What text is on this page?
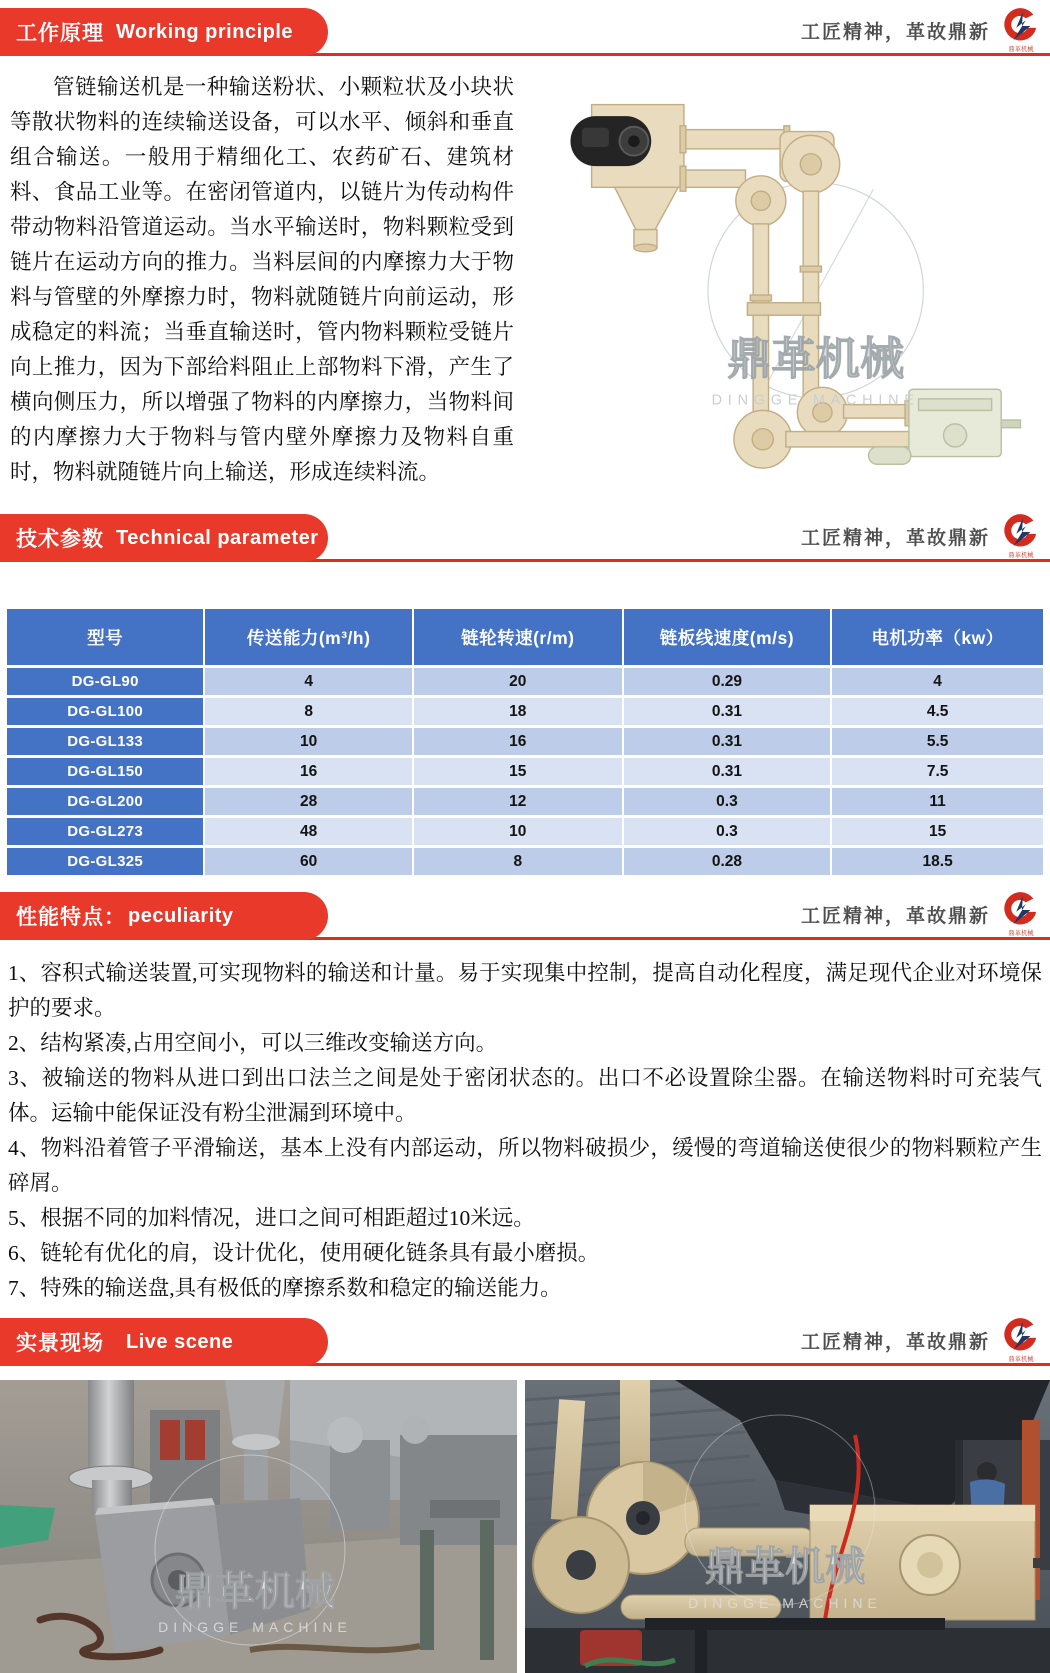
工作原理 Working principle	工匠精神，革故鼎新
鼎革机械

管链输送机是一种输送粉状、小颗粒状及小块状等散状物料的连续输送设备，可以水平、倾斜和垂直组合输送。一般用于精细化工、农药矿石、建筑材料、食品工业等。在密闭管道内，以链片为传动构件带动物料沿管道运动。当水平输送时，物料颗粒受到链片在运动方向的推力。当料层间的内摩擦力大于物料与管壁的外摩擦力时，物料就随链片向前运动，形成稳定的料流；当垂直输送时，管内物料颗粒受链片向上推力，因为下部给料阻止上部物料下滑，产生了横向侧压力，所以增强了物料的内摩擦力，当物料间的内摩擦力大于物料与管内壁外摩擦力及物料自重时，物料就随链片向上输送，形成连续料流。

鼎革机械
DINGGE MACHINE
技术参数 Technical parameter	工匠精神，革故鼎新
鼎革机械
型号	传送能力(m³/h)	链轮转速(r/m)	链板线速度(m/s)	电机功率（kw）
DG-GL90	4	20	0.29	4
DG-GL100	8	18	0.31	4.5
DG-GL133	10	16	0.31	5.5
DG-GL150	16	15	0.31	7.5
DG-GL200	28	12	0.3	11
DG-GL273	48	10	0.3	15
DG-GL325	60	8	0.28	18.5
性能特点： peculiarity	工匠精神，革故鼎新
鼎革机械

1、容积式输送装置,可实现物料的输送和计量。易于实现集中控制，提高自动化程度，满足现代企业对环境保护的要求。

2、结构紧凑,占用空间小，可以三维改变输送方向。

3、被输送的物料从进口到出口法兰之间是处于密闭状态的。出口不必设置除尘器。在输送物料时可充装气体。运输中能保证没有粉尘泄漏到环境中。

4、物料沿着管子平滑输送，基本上没有内部运动，所以物料破损少，缓慢的弯道输送使很少的物料颗粒产生碎屑。

5、根据不同的加料情况，进口之间可相距超过10米远。

6、链轮有优化的肩，设计优化，使用硬化链条具有最小磨损。

7、特殊的输送盘,具有极低的摩擦系数和稳定的输送能力。

实景现场 Live scene	工匠精神，革故鼎新
鼎革机械
鼎革机械
DINGGE MACHINE
鼎革机械
DINGGE MACHINE
